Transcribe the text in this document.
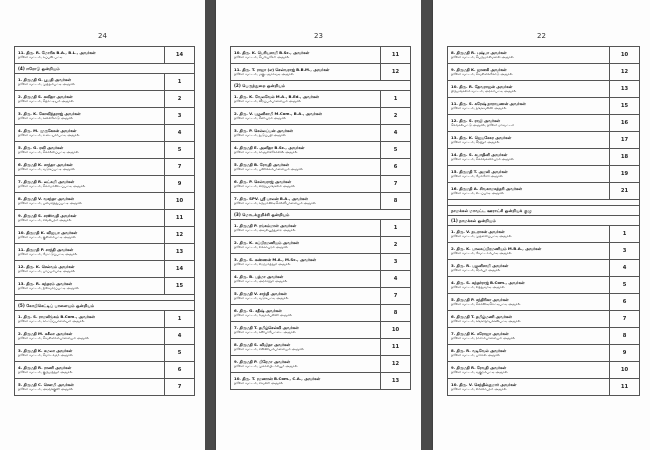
24
11. திரு. R. மோரிசு B.A., B.L., அவர்கள்
தலேம் வட்டம், சுப்பன் பட்டி	14
(4) ஈரோடு ஒன்றியம்	

1. திருமதி G. பூபதி அவர்கள்
தலேம் வட்டம், முத்தம்பட்டி அஞ்சல்	1

2. திருமதி S. கவிதா அவர்கள்
தலேம் வட்டம், தொட்டியம் அஞ்சல்	2

3. திரு. K. கோவிந்தராஜ் அவர்கள்
தலேம் வட்டம், கனக்கோடு அஞ்சல்	3

4. திரு. M. முருகேசன் அவர்கள்
தலேம் வட்டம், உடையார்பட்டி அஞ்சல்	4

5. திரு. G. ரவி அவர்கள்
தலேம் வட்டம், கொல்லப்பட்டி அஞ்சல்	5

6. திருமதி K. சாந்தா அவர்கள்
தலேம் வட்டம், வடுகப்பட்டி அஞ்சல்	7

7. திருமதி R. லட்சுமி அவர்கள்
தலேம் வட்டம், செம்மாண்டப்பட்டி அஞ்சல்	9

8. திருமதி V. வசந்தா அவர்கள்
தலேம் வட்டம், பனமரத்துப்பட்டி அஞ்சல்	10

9. திருமதி S. சரஸ்வதி அவர்கள்
தலேம் வட்டம், சிங்கிபுரம் அஞ்சல்	11

10. திருமதி K. விஜயா அவர்கள்
தலேம் வட்டம், குள்ளம்பட்டி அஞ்சல்	12

11. திருமதி P. சாந்தி அவர்கள்
தலேம் வட்டம், மேட்டுப்பட்டி அஞ்சல்	13

12. திரு. K. செல்வம் அவர்கள்
தலேம் வட்டம், பாப்பம்பாடி அஞ்சல்	14

13. திரு. R. சுந்தரம் அவர்கள்
தலேம் வட்டம், நிலவாரப்பட்டி அஞ்சல்	15

(5) கோபிசெட்டிப் பாளையம் ஒன்றியம்	

1. திரு. S. ராமலிங்கம் B.Com., அவர்கள்
தலேம் வட்டம், காட்டுப்பாளையம் அஞ்சல்	1

2. திருமதி M. சுசீலா அவர்கள்
தலேம் வட்டம், வெள்ளாளபாளையம் அஞ்சல்	4

3. திருமதி K. கமலா அவர்கள்
தலேம் வட்டம், மொடச்சூர் அஞ்சல்	5

4. திருமதி R. ராணி அவர்கள்
தலேம் வட்டம், குருமந்தூர் அஞ்சல்	6

5. திருமதி C. சௌமி அவர்கள்
தலேம் வட்டம், அளுக்குளி அஞ்சல்	7
23
10. திரு. K. பெரியசாமி B.Sc., அவர்கள்
தலேம் வட்டம், பெரியசேரி அஞ்சல்	11

11. திரு. T. ராஜா (எ) செல்வராஜ் B.B.M., அவர்கள்
தலேம் வட்டம், மகுடஞ்சாவடி அஞ்சல்	12
(2) பெருந்துறை ஒன்றியம்	

1. திரு. K. வேலவேல் M.A., B.Ed., அவர்கள்
தலேம் வட்டம், வீரப்பம்பாளையம் அஞ்சல்	1

2. திரு. V. பழனிசாமி M.Com., B.A., அவர்கள்
தலேம் வட்டம், சீனாபுரம் அஞ்சல்	2

3. திரு. P. செல்லப்பன் அவர்கள்
தலேம் வட்டம், துடுப்பதி அஞ்சல்	4

4. திருமதி E. அனிதா B.Sc., அவர்கள்
தலேம் வட்டம், காஞ்சிக்கோவில் அஞ்சல்	5

5. திருமதி B. ரேவதி அவர்கள்
தலேம் வட்டம், பணிக்கம்பாளையம் அஞ்சல்	6

6. திரு. P. செல்வராஜ் அவர்கள்
தலேம் வட்டம், விஜயமங்கலம் அஞ்சல்	7

7. திரு. SPV. ஸ்ரீ பாலன் B.A., அவர்கள்
தலேம் வட்டம், கருமாண்டிசெல்லிபாளையம் அஞ்சல்	8
(3) மொடக்குறிச்சி ஒன்றியம்	

1. திருமதி P. ரங்கம்மாள் அவர்கள்
தலேம் வட்டம், அவல்பூந்துறை அஞ்சல்	1

2. திரு. K. சுப்பிரமணியம் அவர்கள்
தலேம் வட்டம், லக்காபுரம் அஞ்சல்	2

3. திரு. S. கண்ணன் M.A., M.Sc., அவர்கள்
தலேம் வட்டம், எழுமாத்தூர் அஞ்சல்	3

4. திரு. B. பத்மா அவர்கள்
தலேம் வட்டம், அரச்சலூர் அஞ்சல்	4

5. திருமதி V. சாந்தி அவர்கள்
தலேம் வட்டம், வடுகபட்டி அஞ்சல்	7

6. திரு. G. சதீஷ் அவர்கள்
தலேம் வட்டம், ஈஞ்சம்பள்ளி அஞ்சல்	8

7. திருமதி T. தமிழ்செல்வி அவர்கள்
தலேம் வட்டம், கஸ்பாபேட்டை அஞ்சல்	10

8. திருமதி S. விஜிதா அவர்கள்
தலேம் வட்டம், சின்னியம்பாளையம் அஞ்சல்	11

9. திருமதி P. பிரேமா அவர்கள்
தலேம் வட்டம், முகாசிபிடாரியூர் அஞ்சல்	12

10. திரு. T. ரமணான் B.Com., C.A., அவர்கள்
தலேம் வட்டம், சிவகிரி அஞ்சல்	13
22
8. திருமதி R. புஷ்பா அவர்கள்
தலேம் வட்டம், பெருமாள்மலை அஞ்சல்	10

9. திருமதி K. ஜானகி அவர்கள்
தலேம் வட்டம், வெள்ளக்கோடு அஞ்சல்	12

10. திரு. R. தேவராஜன் அவர்கள்
திருமங்கலம் வட்டம், அரசம்பட்டி அஞ்சல்	13

11. திரு. S. சுரேஷ் நாராயணன் அவர்கள்
தலேம் வட்டம், நங்கவள்ளி அஞ்சல்	15

12. திரு. S. ராஜி அவர்கள்
செங்கல்பட்டு அஞ்சல், தலேம் மாவட்டம்	16

13. திரு. K. ஜெயசேகர அவர்கள்
தலேம் வட்டம், கீரனூர் அஞ்சல்	17

14. திரு. S. சுபாதினி அவர்கள்
தலேம் வட்டம், கொங்கணாபுரம் அஞ்சல்	18

15. திருமதி T. அமலி அவர்கள்
தலேம் வட்டம், மேச்சேரி அஞ்சல்	19

16. திருமதி A. சிவகாமசுந்தரி அவர்கள்
தலேம் வட்டம், எடப்பாடி அஞ்சல்	21

நாமக்கல் மாவட்ட ஊராட்சி ஒன்றியக் குழு	
(1) நாமக்கல் ஒன்றியம்	

1. திரு. V. நடராசன் அவர்கள்
தலேம் வட்டம், முதலைப்பட்டி அஞ்சல்	1

2. திரு. K. பாலசுப்பிரமணியம் M.B.A., அவர்கள்
தலேம் வட்டம், வேட்டாம்பாடி அஞ்சல்	3

3. திரு. R. பழனிசாமி அவர்கள்
தலேம் வட்டம், கீரம்பூர் அஞ்சல்	4

4. திரு. S. சுந்தர்ராஜ் B.Com., அவர்கள்
தலேம் வட்டம், லத்துவாடி அஞ்சல்	5

5. திருமதி P. சந்திரிகா அவர்கள்
தலேம் வட்டம், கொண்டிசெட்டிபட்டி அஞ்சல்	6

6. திருமதி T. தமிழ்மணி அவர்கள்
தலேம் வட்டம், கங்காநாயக்கன்பட்டி அஞ்சல்	7

7. திருமதி K. சரோஜா அவர்கள்
தலேம் வட்டம், ராசாம்பாளையம் அஞ்சல்	8

8. திரு. R. வடிவேல் அவர்கள்
தலேம் வட்டம், பாச்சல் அஞ்சல்	9

9. திருமதி R. ரேவதி அவர்கள்
தலேம் வட்டம், வகுரம்பட்டி அஞ்சல்	10

10. திரு. V. செந்தில்குமார் அவர்கள்
தலேம் வட்டம், எர்ணாபுரம் அஞ்சல்	11
